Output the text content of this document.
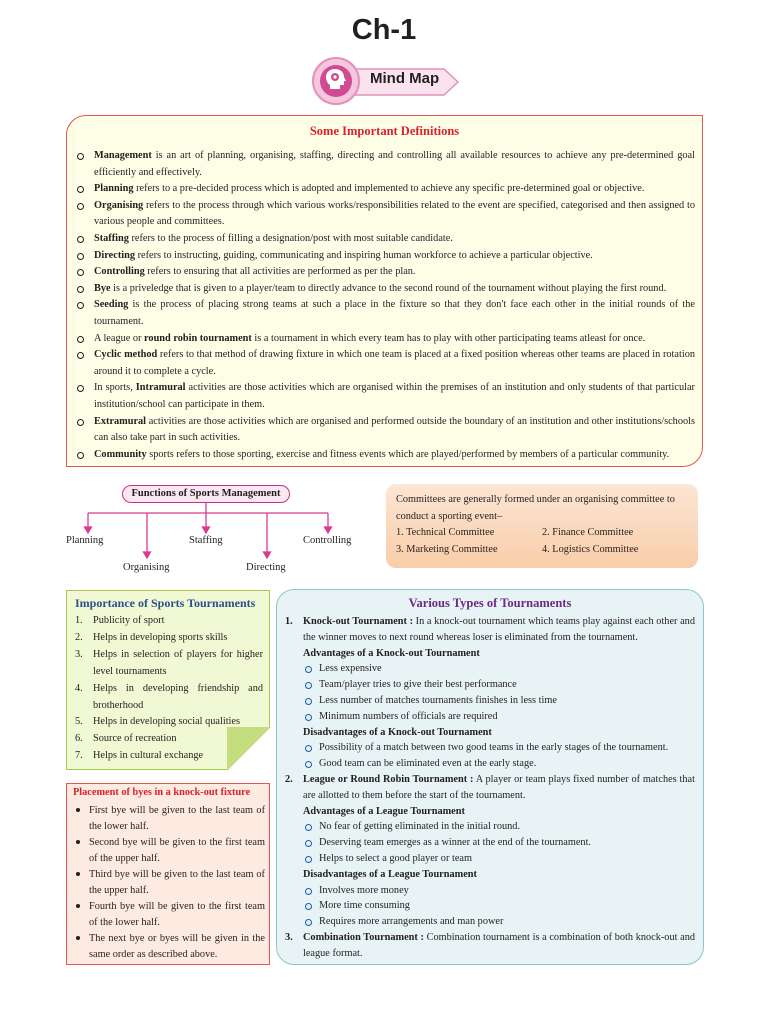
Ch-1
Mind Map
Some Important Definitions
Management is an art of planning, organising, staffing, directing and controlling all available resources to achieve any pre-determined goal efficiently and effectively.
Planning refers to a pre-decided process which is adopted and implemented to achieve any specific pre-determined goal or objective.
Organising refers to the process through which various works/responsibilities related to the event are specified, categorised and then assigned to various people and committees.
Staffing refers to the process of filling a designation/post with most suitable candidate.
Directing refers to instructing, guiding, communicating and inspiring human workforce to achieve a particular objective.
Controlling refers to ensuring that all activities are performed as per the plan.
Bye is a priveledge that is given to a player/team to directly advance to the second round of the tournament without playing the first round.
Seeding is the process of placing strong teams at such a place in the fixture so that they don't face each other in the initial rounds of the tournament.
A league or round robin tournament is a tournament in which every team has to play with other participating teams atleast for once.
Cyclic method refers to that method of drawing fixture in which one team is placed at a fixed position whereas other teams are placed in rotation around it to complete a cycle.
In sports, Intramural activities are those activities which are organised within the premises of an institution and only students of that particular institution/school can participate in them.
Extramural activities are those activities which are organised and performed outside the boundary of an institution and other institutions/schools can also take part in such activities.
Community sports refers to those sporting, exercise and fitness events which are played/performed by members of a particular community.
Functions of Sports Management
Planning
Organising
Staffing
Directing
Controlling
Committees are generally formed under an organising committee to conduct a sporting event–
1. Technical Committee	2. Finance Committee
3. Marketing Committee	4. Logistics Committee
Importance of Sports Tournaments
1. Publicity of sport
2. Helps in developing sports skills
3. Helps in selection of players for higher level tournaments
4. Helps in developing friendship and brotherhood
5. Helps in developing social qualities
6. Source of recreation
7. Helps in cultural exchange
Placement of byes in a knock-out fixture
First bye will be given to the last team of the lower half.
Second bye will be given to the first team of the upper half.
Third bye will be given to the last team of the upper half.
Fourth bye will be given to the first team of the lower half.
The next bye or byes will be given in the same order as described above.
Various Types of Tournaments
1. Knock-out Tournament : In a knock-out tournament which teams play against each other and the winner moves to next round whereas loser is eliminated from the tournament.
Advantages of a Knock-out Tournament
Less expensive
Team/player tries to give their best performance
Less number of matches tournaments finishes in less time
Minimum numbers of officials are required
Disadvantages of a Knock-out Tournament
Possibility of a match between two good teams in the early stages of the tournament.
Good team can be eliminated even at the early stage.
2. League or Round Robin Tournament : A player or team plays fixed number of matches that are allotted to them before the start of the tournament.
Advantages of a League Tournament
No fear of getting eliminated in the initial round.
Deserving team emerges as a winner at the end of the tournament.
Helps to select a good player or team
Disadvantages of a League Tournament
Involves more money
More time consuming
Requires more arrangements and man power
3. Combination Tournament : Combination tournament is a combination of both knock-out and league format.
